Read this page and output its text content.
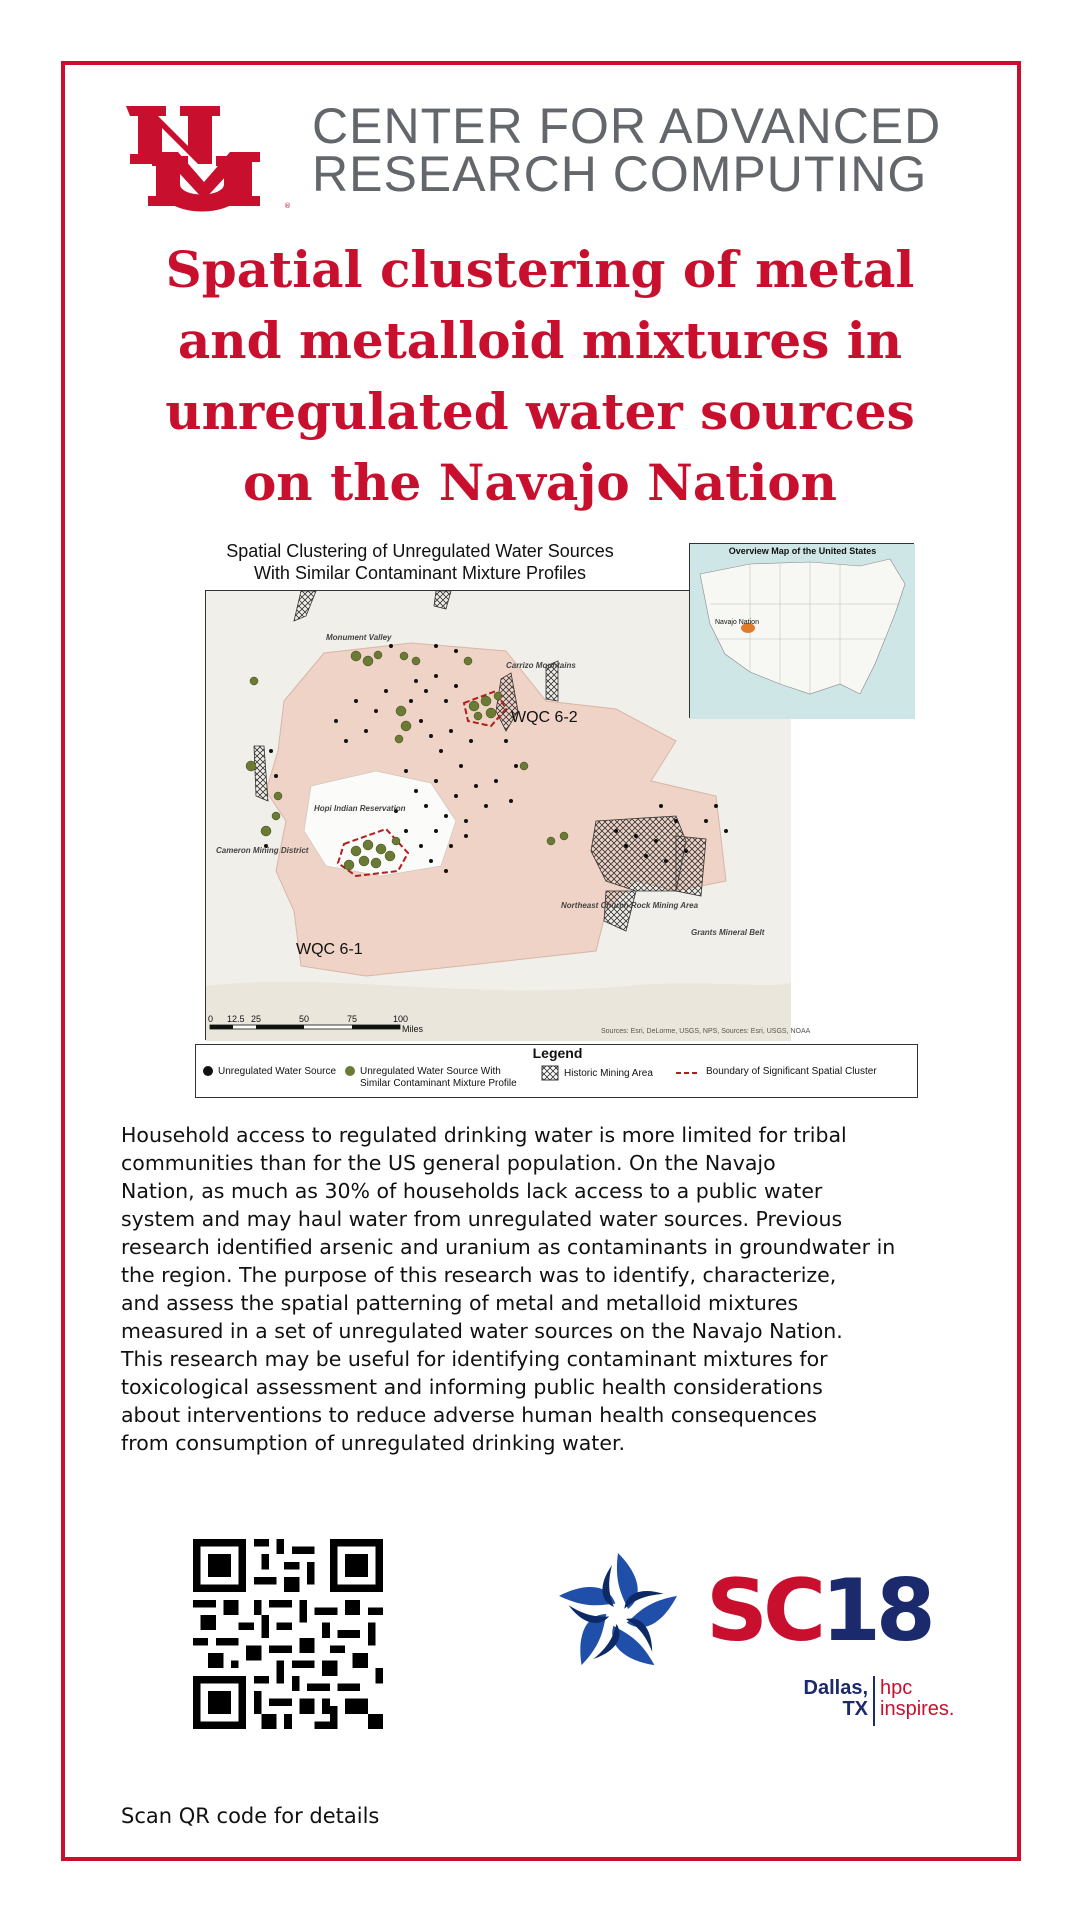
®
CENTER FOR ADVANCED
RESEARCH COMPUTING
Spatial clustering of metal
and metalloid mixtures in
unregulated water sources
on the Navajo Nation
Spatial Clustering of Unregulated Water Sources
With Similar Contaminant Mixture Profiles
Monument Valley
Carrizo Mountains
Hopi Indian Reservation
Cameron Mining District
Northeast Church Rock Mining Area
Grants Mineral Belt
WQC 6-2
WQC 6-1
0 12.5 25	50	75	100
Miles	Sources: Esri, DeLorme, USGS, NPS, Sources: Esri, USGS, NOAA
Overview Map of the United States
Navajo Nation
Legend
Unregulated Water Source Unregulated Water Source With
Similar Contaminant Mixture Profile
Historic Mining Area	Boundary of Significant Spatial Cluster
Household access to regulated drinking water is more limited for tribal
communities than for the US general population. On the Navajo
Nation, as much as 30% of households lack access to a public water
system and may haul water from unregulated water sources. Previous
research identified arsenic and uranium as contaminants in groundwater in
the region. The purpose of this research was to identify, characterize,
and assess the spatial patterning of metal and metalloid mixtures
measured in a set of unregulated water sources on the Navajo Nation.
This research may be useful for identifying contaminant mixtures for
toxicological assessment and informing public health considerations
about interventions to reduce adverse human health consequences
from consumption of unregulated drinking water.
SC18
Dallas,
TX
hpc
inspires.
Scan QR code for details
